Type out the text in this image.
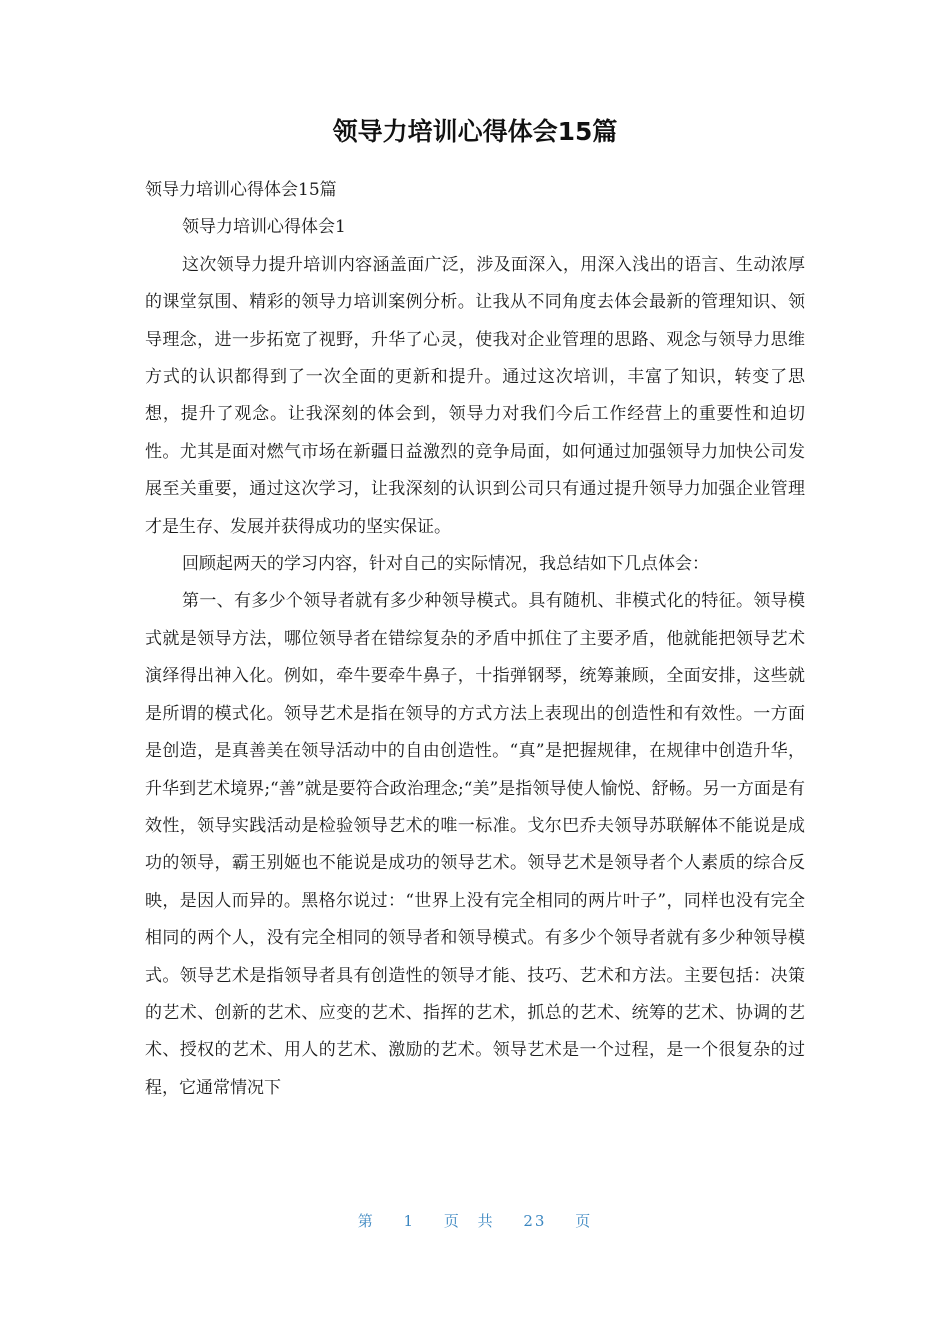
领导力培训心得体会15篇

领导力培训心得体会15篇

领导力培训心得体会1

这次领导力提升培训内容涵盖面广泛，涉及面深入，用深入浅出的语言、生动浓厚的课堂氛围、精彩的领导力培训案例分析。让我从不同角度去体会最新的管理知识、领导理念，进一步拓宽了视野，升华了心灵，使我对企业管理的思路、观念与领导力思维方式的认识都得到了一次全面的更新和提升。通过这次培训，丰富了知识，转变了思想，提升了观念。让我深刻的体会到，领导力对我们今后工作经营上的重要性和迫切性。尤其是面对燃气市场在新疆日益激烈的竞争局面，如何通过加强领导力加快公司发展至关重要，通过这次学习，让我深刻的认识到公司只有通过提升领导力加强企业管理才是生存、发展并获得成功的坚实保证。

回顾起两天的学习内容，针对自己的实际情况，我总结如下几点体会：

第一、有多少个领导者就有多少种领导模式。具有随机、非模式化的特征。领导模式就是领导方法，哪位领导者在错综复杂的矛盾中抓住了主要矛盾，他就能把领导艺术演绎得出神入化。例如，牵牛要牵牛鼻子，十指弹钢琴，统筹兼顾，全面安排，这些就是所谓的模式化。领导艺术是指在领导的方式方法上表现出的创造性和有效性。一方面是创造，是真善美在领导活动中的自由创造性。“真”是把握规律，在规律中创造升华，升华到艺术境界;“善”就是要符合政治理念;“美”是指领导使人愉悦、舒畅。另一方面是有效性，领导实践活动是检验领导艺术的唯一标准。戈尔巴乔夫领导苏联解体不能说是成功的领导，霸王别姬也不能说是成功的领导艺术。领导艺术是领导者个人素质的综合反映，是因人而异的。黑格尔说过：“世界上没有完全相同的两片叶子”，同样也没有完全相同的两个人，没有完全相同的领导者和领导模式。有多少个领导者就有多少种领导模式。领导艺术是指领导者具有创造性的领导才能、技巧、艺术和方法。主要包括：决策的艺术、创新的艺术、应变的艺术、指挥的艺术，抓总的艺术、统筹的艺术、协调的艺术、授权的艺术、用人的艺术、激励的艺术。领导艺术是一个过程，是一个很复杂的过程，它通常情况下

第 1 页 共 23 页
